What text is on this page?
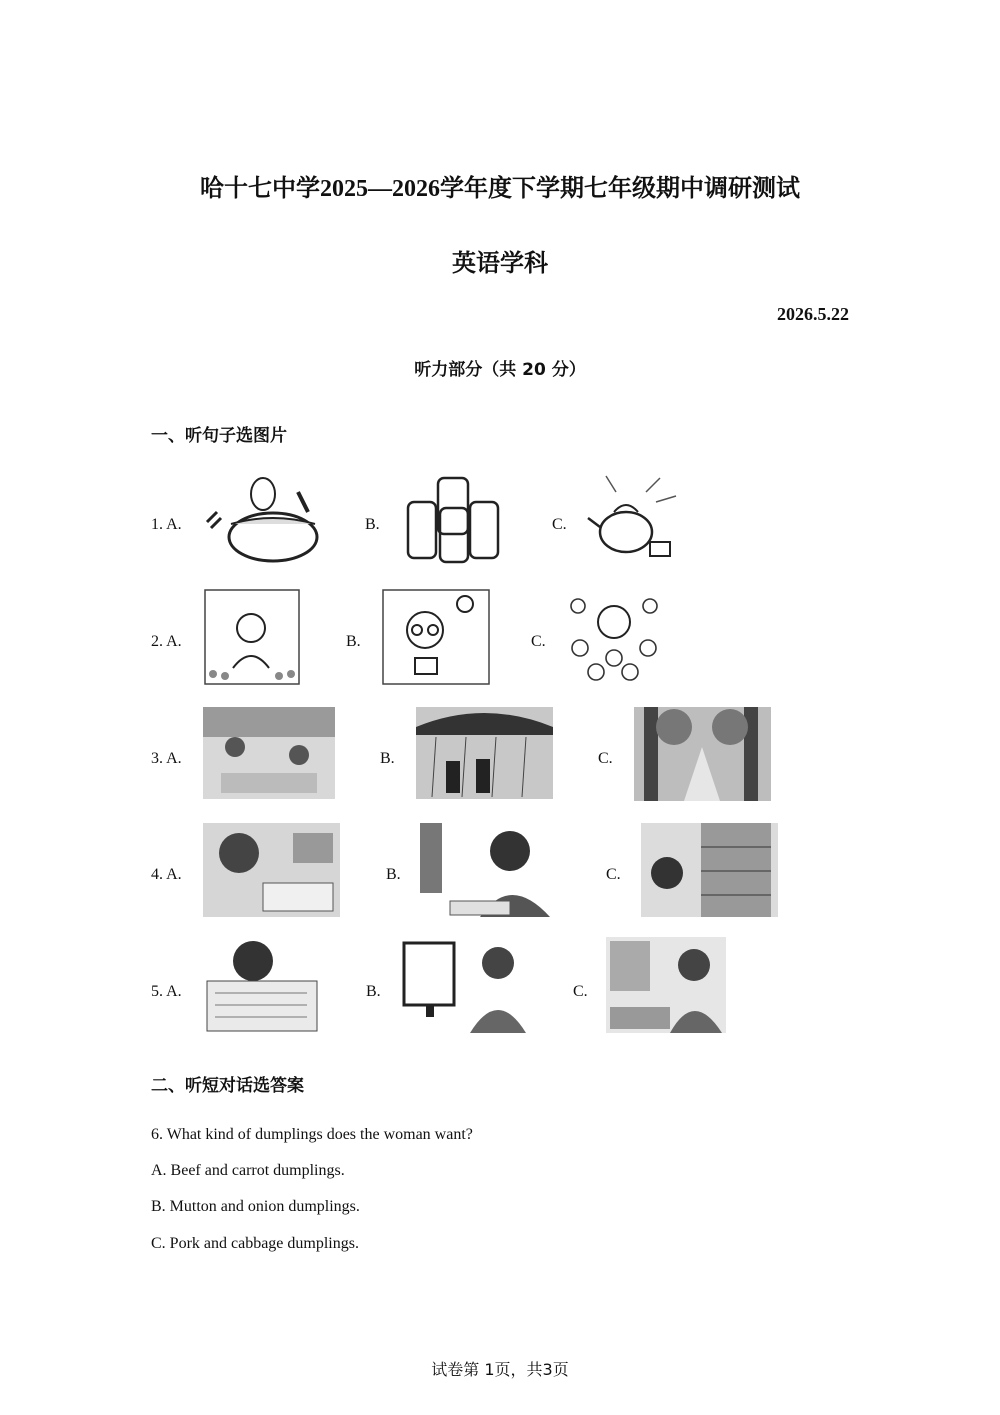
哈十七中学2025—2026学年度下学期七年级期中调研测试
英语学科
2026.5.22
听力部分（共 20 分）
一、听句子选图片
1. A.	B.	C.
2. A.	B.	C.
3. A.	B.	C.
4. A.	B.	C.
5. A.	B.	C.
二、听短对话选答案
6. What kind of dumplings does the woman want?
A. Beef and carrot dumplings.
B. Mutton and onion dumplings.
C. Pork and cabbage dumplings.
试卷第 1页，共3页
